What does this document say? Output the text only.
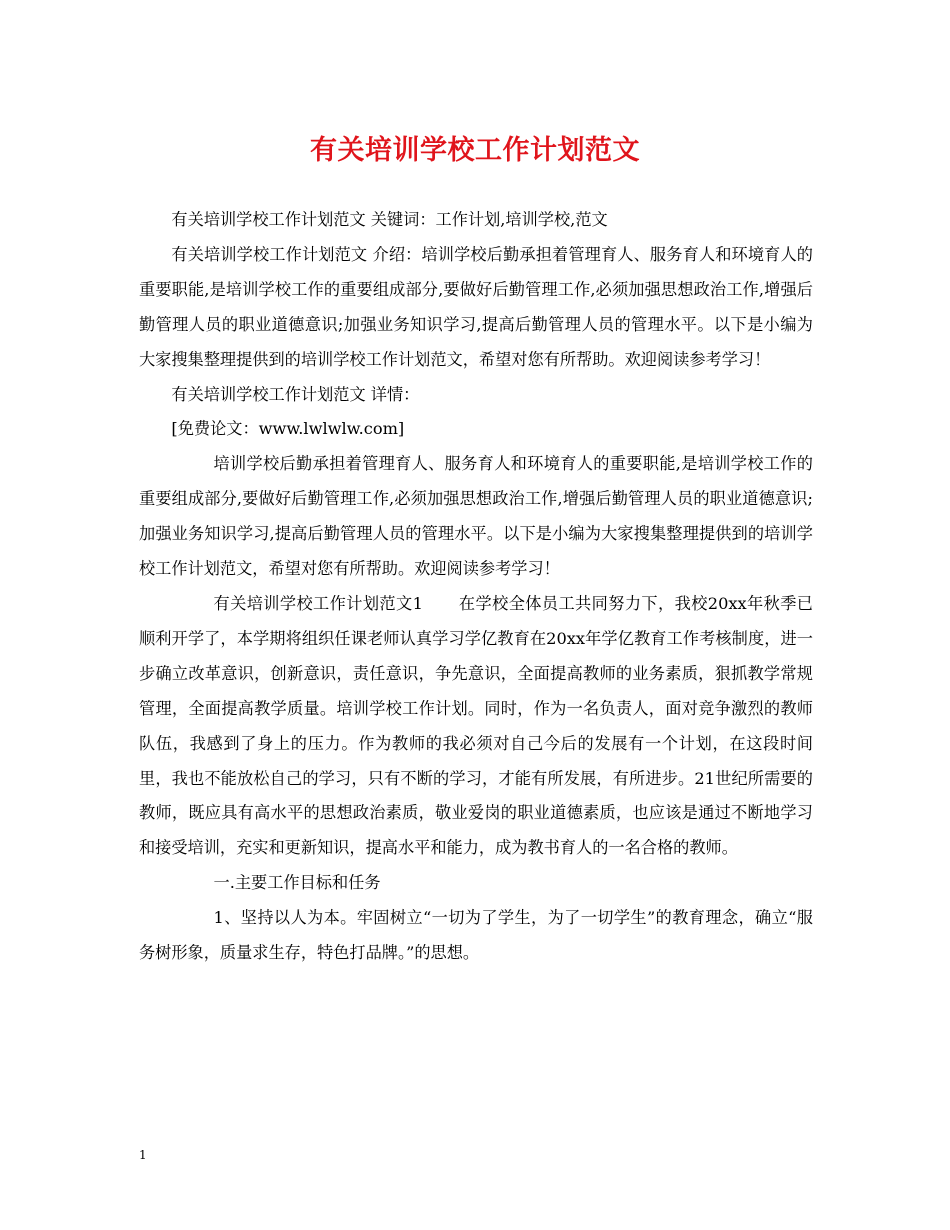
有关培训学校工作计划范文

有关培训学校工作计划范文 关键词：工作计划,培训学校,范文

有关培训学校工作计划范文 介绍：培训学校后勤承担着管理育人、服务育人和环境育人的重要职能,是培训学校工作的重要组成部分,要做好后勤管理工作,必须加强思想政治工作,增强后勤管理人员的职业道德意识;加强业务知识学习,提高后勤管理人员的管理水平。以下是小编为大家搜集整理提供到的培训学校工作计划范文，希望对您有所帮助。欢迎阅读参考学习！

有关培训学校工作计划范文 详情：

[免费论文：www.lwlwlw.com]

培训学校后勤承担着管理育人、服务育人和环境育人的重要职能,是培训学校工作的重要组成部分,要做好后勤管理工作,必须加强思想政治工作,增强后勤管理人员的职业道德意识;加强业务知识学习,提高后勤管理人员的管理水平。以下是小编为大家搜集整理提供到的培训学校工作计划范文，希望对您有所帮助。欢迎阅读参考学习！

有关培训学校工作计划范文1 在学校全体员工共同努力下，我校20xx年秋季已顺利开学了，本学期将组织任课老师认真学习学亿教育在20xx年学亿教育工作考核制度，进一步确立改革意识，创新意识，责任意识，争先意识，全面提高教师的业务素质，狠抓教学常规管理，全面提高教学质量。培训学校工作计划。同时，作为一名负责人，面对竞争激烈的教师队伍，我感到了身上的压力。作为教师的我必须对自己今后的发展有一个计划，在这段时间里，我也不能放松自己的学习，只有不断的学习，才能有所发展，有所进步。21世纪所需要的教师，既应具有高水平的思想政治素质，敬业爱岗的职业道德素质，也应该是通过不断地学习和接受培训，充实和更新知识，提高水平和能力，成为教书育人的一名合格的教师。

一.主要工作目标和任务

1、坚持以人为本。牢固树立“一切为了学生，为了一切学生”的教育理念，确立“服务树形象，质量求生存，特色打品牌。”的思想。

1
